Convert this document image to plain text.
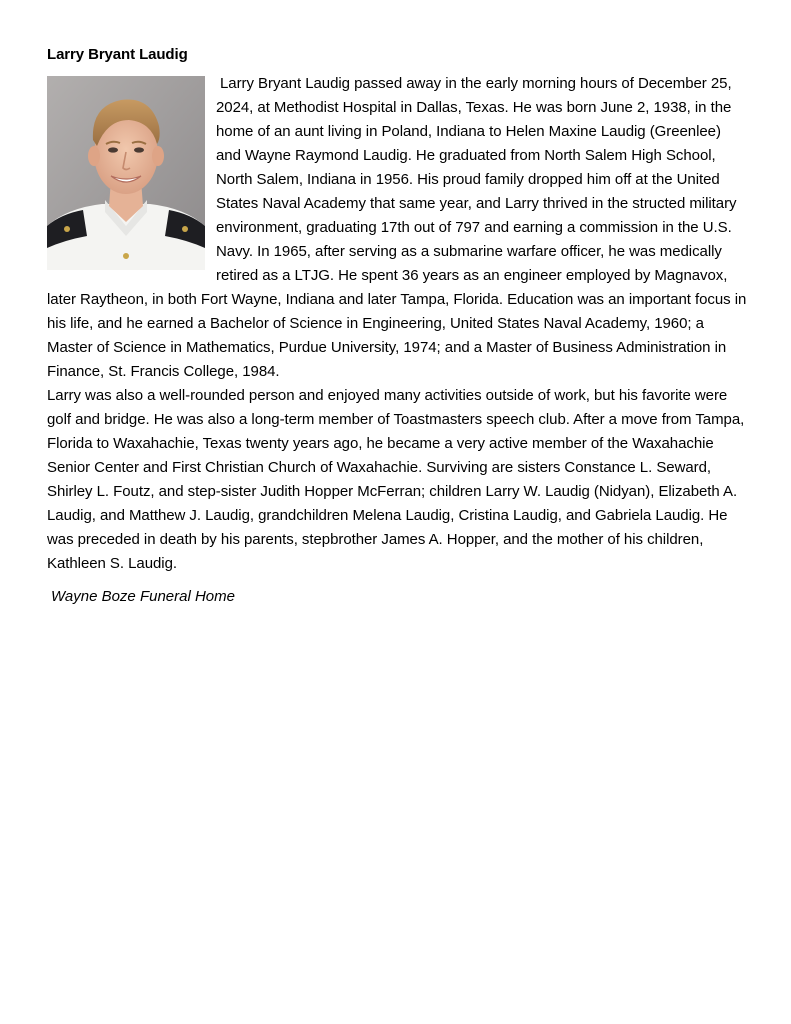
Larry Bryant Laudig

Larry Bryant Laudig passed away in the early morning hours of December 25, 2024, at Methodist Hospital in Dallas, Texas. He was born June 2, 1938, in the home of an aunt living in Poland, Indiana to Helen Maxine Laudig (Greenlee) and Wayne Raymond Laudig. He graduated from North Salem High School, North Salem, Indiana in 1956. His proud family dropped him off at the United States Naval Academy that same year, and Larry thrived in the structed military environment, graduating 17th out of 797 and earning a commission in the U.S. Navy. In 1965, after serving as a submarine warfare officer, he was medically retired as a LTJG. He spent 36 years as an engineer employed by Magnavox, later Raytheon, in both Fort Wayne, Indiana and later Tampa, Florida. Education was an important focus in his life, and he earned a Bachelor of Science in Engineering, United States Naval Academy, 1960; a Master of Science in Mathematics, Purdue University, 1974; and a Master of Business Administration in Finance, St. Francis College, 1984.

Larry was also a well-rounded person and enjoyed many activities outside of work, but his favorite were golf and bridge. He was also a long-term member of Toastmasters speech club. After a move from Tampa, Florida to Waxahachie, Texas twenty years ago, he became a very active member of the Waxahachie Senior Center and First Christian Church of Waxahachie. Surviving are sisters Constance L. Seward, Shirley L. Foutz, and step-sister Judith Hopper McFerran; children Larry W. Laudig (Nidyan), Elizabeth A. Laudig, and Matthew J. Laudig, grandchildren Melena Laudig, Cristina Laudig, and Gabriela Laudig. He was preceded in death by his parents, stepbrother James A. Hopper, and the mother of his children, Kathleen S. Laudig.

Wayne Boze Funeral Home
